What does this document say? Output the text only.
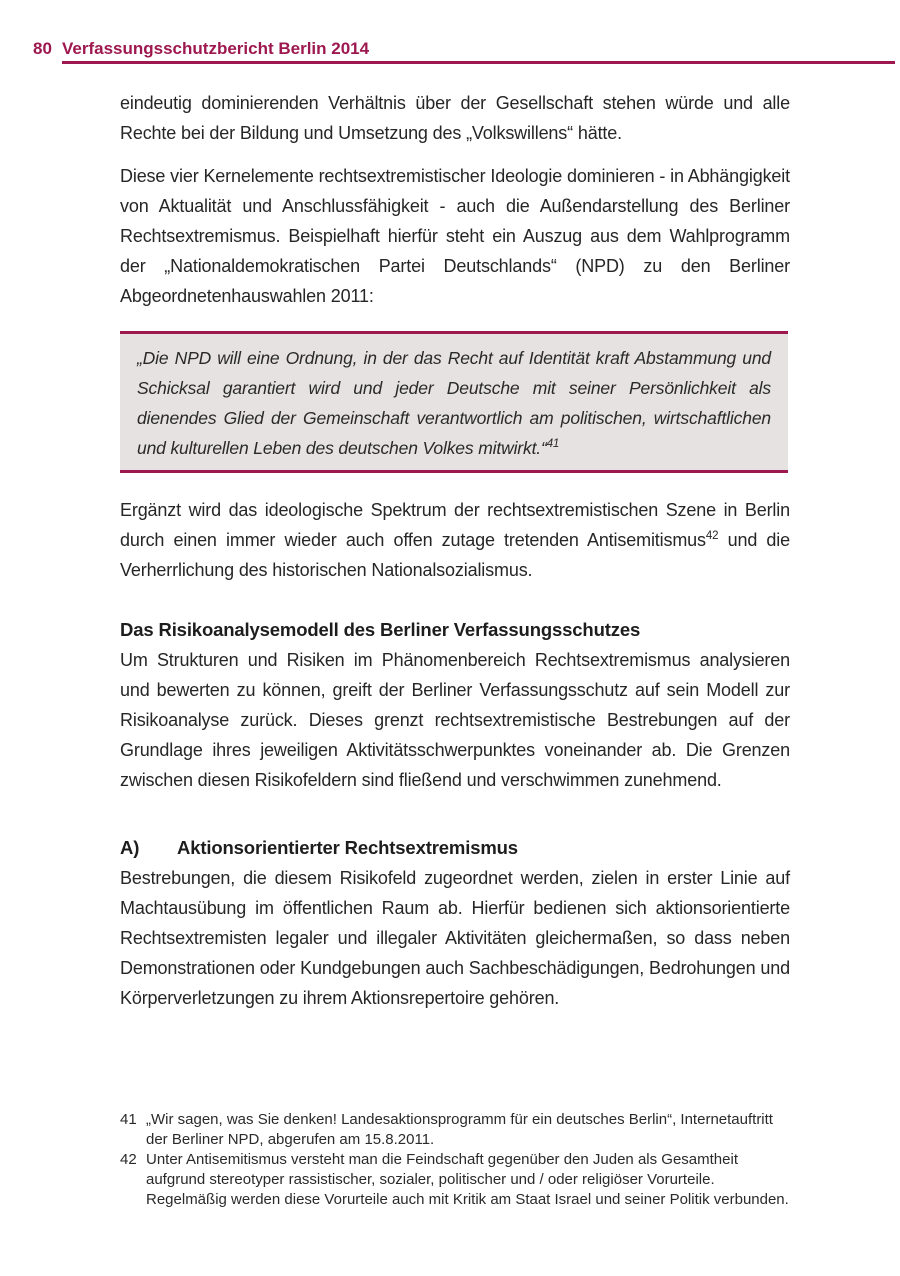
80 Verfassungsschutzbericht Berlin 2014

eindeutig dominierenden Verhältnis über der Gesellschaft stehen würde und alle Rechte bei der Bildung und Umsetzung des „Volkswillens“ hätte.

Diese vier Kernelemente rechtsextremistischer Ideologie dominieren - in Abhängigkeit von Aktualität und Anschlussfähigkeit - auch die Außendarstellung des Berliner Rechtsextremismus. Beispielhaft hierfür steht ein Auszug aus dem Wahlprogramm der „Nationaldemokratischen Partei Deutschlands“ (NPD) zu den Berliner Abgeordnetenhauswahlen 2011:

„Die NPD will eine Ordnung, in der das Recht auf Identität kraft Abstammung und Schicksal garantiert wird und jeder Deutsche mit seiner Persönlichkeit als dienendes Glied der Gemeinschaft verantwortlich am politischen, wirtschaftlichen und kulturellen Leben des deutschen Volkes mitwirkt.“$^{41}$

Ergänzt wird das ideologische Spektrum der rechtsextremistischen Szene in Berlin durch einen immer wieder auch offen zutage tretenden Antisemitismus$^{42}$ und die Verherrlichung des historischen Nationalsozialismus.

Das Risikoanalysemodell des Berliner Verfassungsschutzes

Um Strukturen und Risiken im Phänomenbereich Rechtsextremismus analysieren und bewerten zu können, greift der Berliner Verfassungsschutz auf sein Modell zur Risikoanalyse zurück. Dieses grenzt rechtsextremistische Bestrebungen auf der Grundlage ihres jeweiligen Aktivitätsschwerpunktes voneinander ab. Die Grenzen zwischen diesen Risikofeldern sind fließend und verschwimmen zunehmend.

A) Aktionsorientierter Rechtsextremismus

Bestrebungen, die diesem Risikofeld zugeordnet werden, zielen in erster Linie auf Machtausübung im öffentlichen Raum ab. Hierfür bedienen sich aktionsorientierte Rechtsextremisten legaler und illegaler Aktivitäten gleichermaßen, so dass neben Demonstrationen oder Kundgebungen auch Sachbeschädigungen, Bedrohungen und Körperverletzungen zu ihrem Aktionsrepertoire gehören.

41 „Wir sagen, was Sie denken! Landesaktionsprogramm für ein deutsches Berlin“, Internetauftritt der Berliner NPD, abgerufen am 15.8.2011.
42 Unter Antisemitismus versteht man die Feindschaft gegenüber den Juden als Gesamtheit aufgrund stereotyper rassistischer, sozialer, politischer und / oder religiöser Vorurteile. Regelmäßig werden diese Vorurteile auch mit Kritik am Staat Israel und seiner Politik verbunden.
